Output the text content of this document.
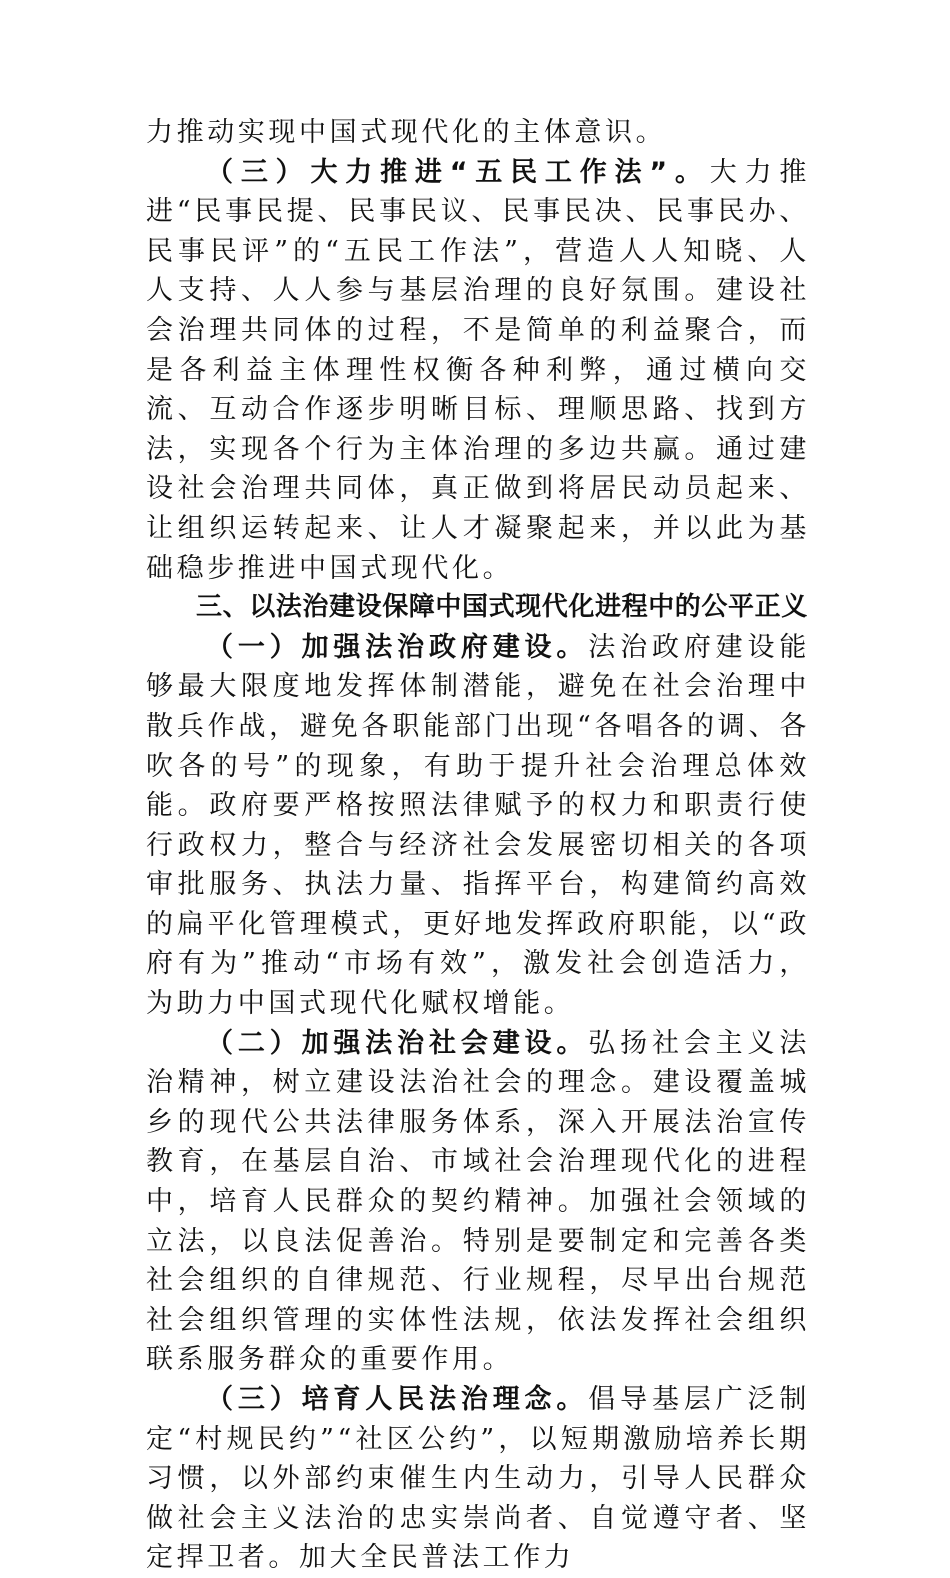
力推动实现中国式现代化的主体意识。

（三）大力推进“五民工作法”。大力推进“民事民提、民事民议、民事民决、民事民办、民事民评”的“五民工作法”，营造人人知晓、人人支持、人人参与基层治理的良好氛围。建设社会治理共同体的过程，不是简单的利益聚合，而是各利益主体理性权衡各种利弊，通过横向交流、互动合作逐步明晰目标、理顺思路、找到方法，实现各个行为主体治理的多边共赢。通过建设社会治理共同体，真正做到将居民动员起来、让组织运转起来、让人才凝聚起来，并以此为基础稳步推进中国式现代化。

三、以法治建设保障中国式现代化进程中的公平正义

（一）加强法治政府建设。法治政府建设能够最大限度地发挥体制潜能，避免在社会治理中散兵作战，避免各职能部门出现“各唱各的调、各吹各的号”的现象，有助于提升社会治理总体效能。政府要严格按照法律赋予的权力和职责行使行政权力，整合与经济社会发展密切相关的各项审批服务、执法力量、指挥平台，构建简约高效的扁平化管理模式，更好地发挥政府职能，以“政府有为”推动“市场有效”，激发社会创造活力，为助力中国式现代化赋权增能。

（二）加强法治社会建设。弘扬社会主义法治精神，树立建设法治社会的理念。建设覆盖城乡的现代公共法律服务体系，深入开展法治宣传教育，在基层自治、市域社会治理现代化的进程中，培育人民群众的契约精神。加强社会领域的立法，以良法促善治。特别是要制定和完善各类社会组织的自律规范、行业规程，尽早出台规范社会组织管理的实体性法规，依法发挥社会组织联系服务群众的重要作用。

（三）培育人民法治理念。倡导基层广泛制定“村规民约”“社区公约”，以短期激励培养长期习惯，以外部约束催生内生动力，引导人民群众做社会主义法治的忠实崇尚者、自觉遵守者、坚定捍卫者。加大全民普法工作力
